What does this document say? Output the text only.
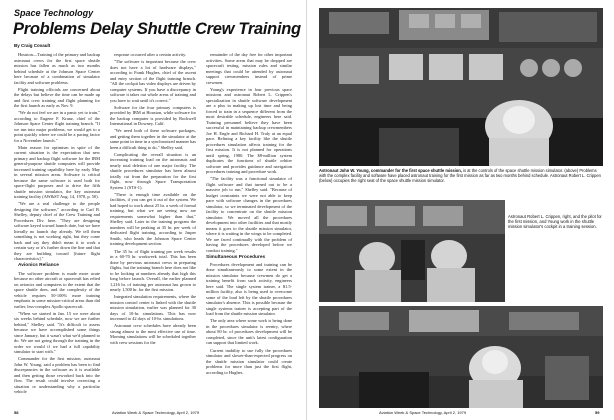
Space Technology
Problems Delay Shuttle Crew Training
By Craig Covault

Houston—Training of the primary and backup astronaut crews for the first space shuttle mission has fallen as much as two months behind schedule at the Johnson Space Center here because of a combination of simulator facility and software problems.

Flight training officials are concerned about the delays but believe the time can be made up and first crew training and flight planning for the first launch as early as Nov. 9.

"We do not feel we are in a panic yet to train," according to Eugene F. Kranz, chief of the Johnson Space Center flight training branch. "If we run into major problems, we would get to a point quickly where we could be a pacing factor for a November launch."

Main reason for optimism in spite of the current situation is the expectation that new primary and backup flight software for the IBM general-purpose shuttle computers will provide increased training capability here by early May in several mission areas. Software is critical because the same software is used both for space-flight purposes and to drive the fifth shuttle mission simulator, the key astronaut training facility (AW&ST Aug. 14, 1978, p. 50).

"We are a real challenge to the people designing the software," according to Carl B. Shelley, deputy chief of the Crew Training and Procedures Div. here. "They are designing software keyed toward launch date, but we have literally no launch day already. We tell them something is not working right, but they come back and say they didn't mean it to work a certain way or it's further down the line and that they are building toward [future flight characteristics]."

Avionics Reliance

The software problem is made more acute because no other aircraft or spacecraft has relied on avionics and computers to the extent that the space shuttle does, and the complexity of the vehicle requires 50-100% more training emphasis in some mission-critical areas than did earlier, less-complex Apollo spacecraft.

"When we started in Jan. 15 we were about six weeks behind schedule, now we are further behind," Shelley said. "It's difficult to assess because we have accomplished some things since January, but it wasn't what we'd planned to do. We are not going through the training in the order we would if we had a full capability simulator to start with."

Commander for the first mission, astronaut John W. Young, said a problem has been to find discrepancies in the software as it is available and then getting those reworked back into the flow. The result could involve correcting a situation or understanding why a particular vehicle

response occurred after a certain activity.

"The software is important because the crew does not have a lot of hardware displays," according to Frank Hughes, chief of the ascent and entry section of the flight training branch. "All the cockpit has video displays are driven by computer systems. If you have a discrepancy in software it takes out whole areas of training and you have to wait until it's correct."

Software for the four primary computers is provided by IBM at Houston, while software for the backup computer is provided by Rockwell International in Downey, Calif.

"We need both of these software packages, and getting them together in the simulator at the same point in time in a synchronized manner has been a difficult thing to do," Shelley said.

Complicating the overall situation is an increasing training load on the astronauts and nearly total deletion of one major facility. The shuttle procedures simulator has been almost totally cut from the preparation for the first flight, now through Space Transportation System 1 (STS-1).

"There is enough time available on the facilities, if you can get it out of the system. We had hoped to work about 25 hr. a week of formal training, but what we are seeing now are requirements somewhat higher than that," Shelley said. Later in the training program the numbers will be peaking at 35 hr. per week of dedicated flight training, according to Jasper Smith, who heads the Johnson Space Center training development section.

The 35 hr. of flight training per week results in a 60-70 hr. workweek total. This has been done by previous astronaut crews in preparing flights, but the training branch here does not like to be looking at numbers already that high this long before launch. Overall, the earlier planned 1,216 hr. of training per astronaut has grown to nearly 1,500 hr. for the first mission.

Integrated simulation requirements, where the mission control center is linked with the shuttle mission simulation, earlier was planned for 30 days of 10-hr. simulations. This has now increased to 42 days of 10-hr. simulations.

Astronaut crew schedules have already been strung almost to the most effective use of time. Morning simulations will be scheduled together with crew sessions for the

remainder of the day free for other important activities. Some areas that may be dropped are spacecraft testing, mission rules and similar meetings that could be attended by astronaut support crewmembers instead of prime crewmen.

Young's experience in four previous space missions and astronaut Robert L. Crippen's specialization in shuttle software development are a plus in making up lost time and being forced to train in a sequence different from the most desirable schedule, engineers here said. Training personnel believe they have been successful in maintaining backup crewmembers Joe H. Engle and Richard H. Truly at an equal pace. Refining a key facility like the shuttle procedures simulation affects training for the first mission. It is not planned for operations until spring, 1980. The $8-million system duplicates the functions of shuttle orbiter software and provides guidance and navigation procedures training and procedure work.

"The facility was a functional simulator of flight software and that turned out to be a massive job to run," Shelley said. "Because of budget constraints we were not able to keep pace with software changes in the procedures simulator, so we terminated development of the facility to concentrate on the shuttle mission simulator. We moved all the procedures development into other facilities and that mostly means it goes to the shuttle mission simulator, where it is waiting in the wings to be completed. We are faced continually with the problem of having the procedures developed before we conduct training."

Simultaneous Procedures

Procedures development and training can be done simultaneously to some extent in the mission simulator because crewmen do get a training benefit from such activity, engineers here said. The single system trainer, a $1.5-million facility, also is being used to overcome some of the load left by the shuttle procedures simulator's absence. This is possible because the single systems trainer is accepting part of the load from the shuttle mission simulator.

The only area where some work is being done in the procedures simulator is reentry, where about 80 hr. of procedures development will be completed, since the unit's latest configuration can support that limited work.

Current inability to use fully the procedures simulator and slower-than-expected progress on the shuttle mission simulator could create problems for more than just the first flight, according to Hughes.

58	Aviation Week & Space Technology, April 2, 1979
Astronaut John W. Young, commander for the first space shuttle mission, is at the controls of the space shuttle mission simulator. (above) Problems with the complex facility and software have placed astronaut training for the first mission as far as two months behind schedule. Astronaut Robert L. Crippen (below) occupies the right seat of the space shuttle mission simulator.
Astronaut Robert L. Crippen, right, and the pilot for the first mission, and Young work in the shuttle mission simulator's cockpit in a training session.
Aviation Week & Space Technology, April 2, 1979	59
